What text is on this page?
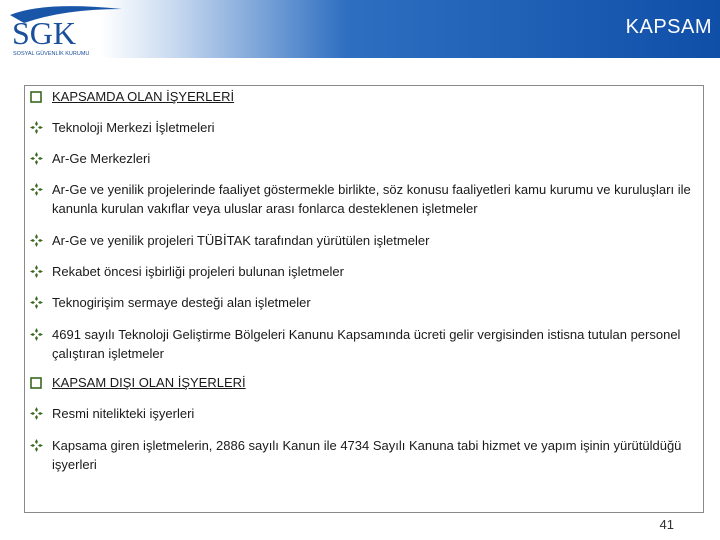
SGK
SOSYAL GÜVENLİK KURUMU
KAPSAM
KAPSAMDA OLAN İŞYERLERİ
Teknoloji Merkezi İşletmeleri
Ar-Ge Merkezleri
Ar-Ge ve yenilik projelerinde faaliyet göstermekle birlikte, söz konusu faaliyetleri kamu kurumu ve kuruluşları ile kanunla kurulan vakıflar veya uluslar arası fonlarca desteklenen işletmeler
Ar-Ge ve yenilik projeleri TÜBİTAK tarafından yürütülen işletmeler
Rekabet öncesi işbirliği projeleri bulunan işletmeler
Teknogirişim sermaye desteği alan işletmeler
4691 sayılı Teknoloji Geliştirme Bölgeleri Kanunu Kapsamında ücreti gelir vergisinden istisna tutulan personel çalıştıran işletmeler
KAPSAM DIŞI OLAN İŞYERLERİ
Resmi nitelikteki işyerleri
Kapsama giren işletmelerin, 2886 sayılı Kanun ile 4734 Sayılı Kanuna tabi hizmet ve yapım işinin yürütüldüğü işyerleri
41
